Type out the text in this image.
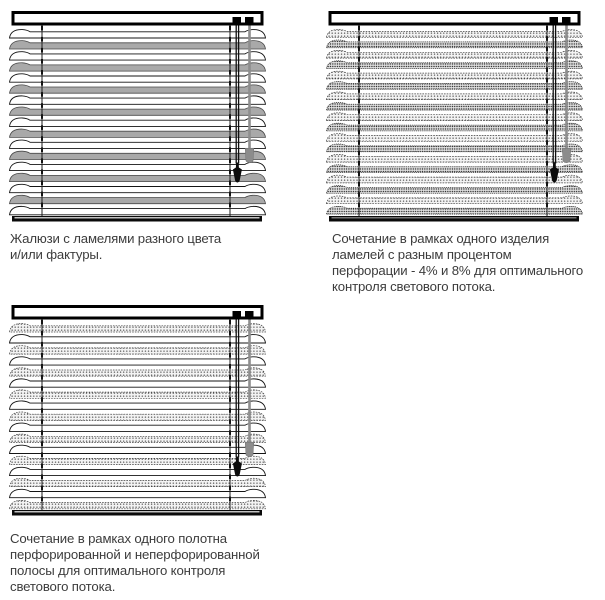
Жалюзи с ламелями разного цвета
и/или фактуры.
Сочетание в рамках одного изделия
ламелей с разным процентом
перфорации - 4% и 8% для оптимального
контроля светового потока.
Сочетание в рамках одного полотна
перфорированной и неперфорированной
полосы для оптимального контроля
светового потока.
